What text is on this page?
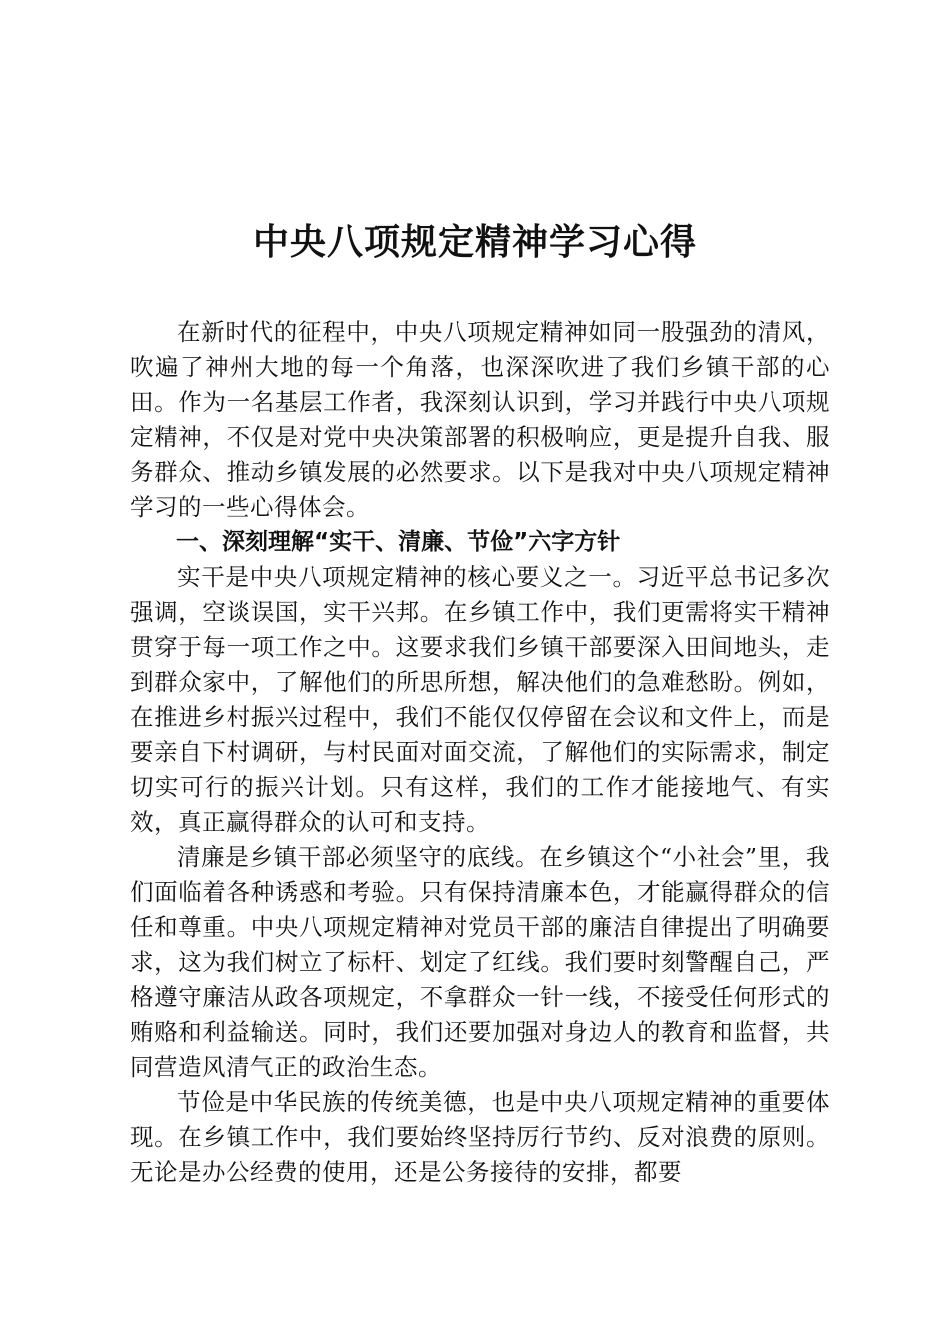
中央八项规定精神学习心得

在新时代的征程中，中央八项规定精神如同一股强劲的清风，吹遍了神州大地的每一个角落，也深深吹进了我们乡镇干部的心田。作为一名基层工作者，我深刻认识到，学习并践行中央八项规定精神，不仅是对党中央决策部署的积极响应，更是提升自我、服务群众、推动乡镇发展的必然要求。以下是我对中央八项规定精神学习的一些心得体会。

一、深刻理解“实干、清廉、节俭”六字方针

实干是中央八项规定精神的核心要义之一。习近平总书记多次强调，空谈误国，实干兴邦。在乡镇工作中，我们更需将实干精神贯穿于每一项工作之中。这要求我们乡镇干部要深入田间地头，走到群众家中，了解他们的所思所想，解决他们的急难愁盼。例如，在推进乡村振兴过程中，我们不能仅仅停留在会议和文件上，而是要亲自下村调研，与村民面对面交流，了解他们的实际需求，制定切实可行的振兴计划。只有这样，我们的工作才能接地气、有实效，真正赢得群众的认可和支持。

清廉是乡镇干部必须坚守的底线。在乡镇这个“小社会”里，我们面临着各种诱惑和考验。只有保持清廉本色，才能赢得群众的信任和尊重。中央八项规定精神对党员干部的廉洁自律提出了明确要求，这为我们树立了标杆、划定了红线。我们要时刻警醒自己，严格遵守廉洁从政各项规定，不拿群众一针一线，不接受任何形式的贿赂和利益输送。同时，我们还要加强对身边人的教育和监督，共同营造风清气正的政治生态。

节俭是中华民族的传统美德，也是中央八项规定精神的重要体现。在乡镇工作中，我们要始终坚持厉行节约、反对浪费的原则。无论是办公经费的使用，还是公务接待的安排，都要
